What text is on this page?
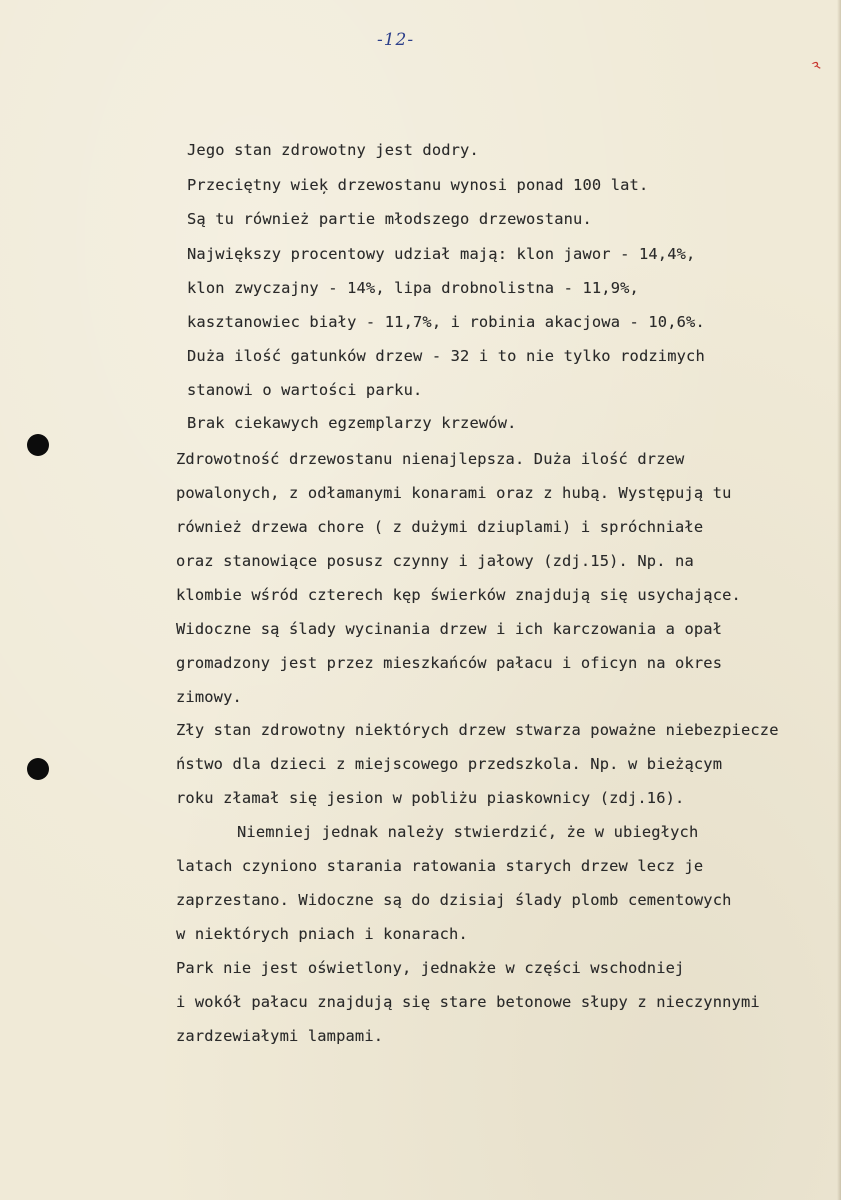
-12-
ꝛ
Jego stan zdrowotny jest dodry.
Przeciętny wieķ drzewostanu wynosi ponad 100 lat.
Są tu również partie młodszego drzewostanu.
Największy procentowy udział mają: klon jawor - 14,4%,
klon zwyczajny - 14%, lipa drobnolistna - 11,9%,
kasztanowiec biały - 11,7%, i robinia akacjowa - 10,6%.
Duża ilość gatunków drzew - 32 i to nie tylko rodzimych
stanowi o wartości parku.
Brak ciekawych egzemplarzy krzewów.
Zdrowotność drzewostanu nienajlepsza. Duża ilość drzew
powalonych, z odłamanymi konarami oraz z hubą. Występują tu
również drzewa chore ( z dużymi dziuplami) i spróchniałe
oraz stanowiące posusz czynny i jałowy (zdj.15). Np. na
klombie wśród czterech kęp świerków znajdują się usychające.
Widoczne są ślady wycinania drzew i ich karczowania a opał
gromadzony jest przez mieszkańców pałacu i oficyn na okres
zimowy.
Zły stan zdrowotny niektórych drzew stwarza poważne niebezpiecze
ństwo dla dzieci z miejscowego przedszkola. Np. w bieżącym
roku złamał się jesion w pobliżu piaskownicy (zdj.16).
Niemniej jednak należy stwierdzić, że w ubiegłych
latach czyniono starania ratowania starych drzew lecz je
zaprzestano. Widoczne są do dzisiaj ślady plomb cementowych
w niektórych pniach i konarach.
Park nie jest oświetlony, jednakże w części wschodniej
i wokół pałacu znajdują się stare betonowe słupy z nieczynnymi
zardzewiałymi lampami.
